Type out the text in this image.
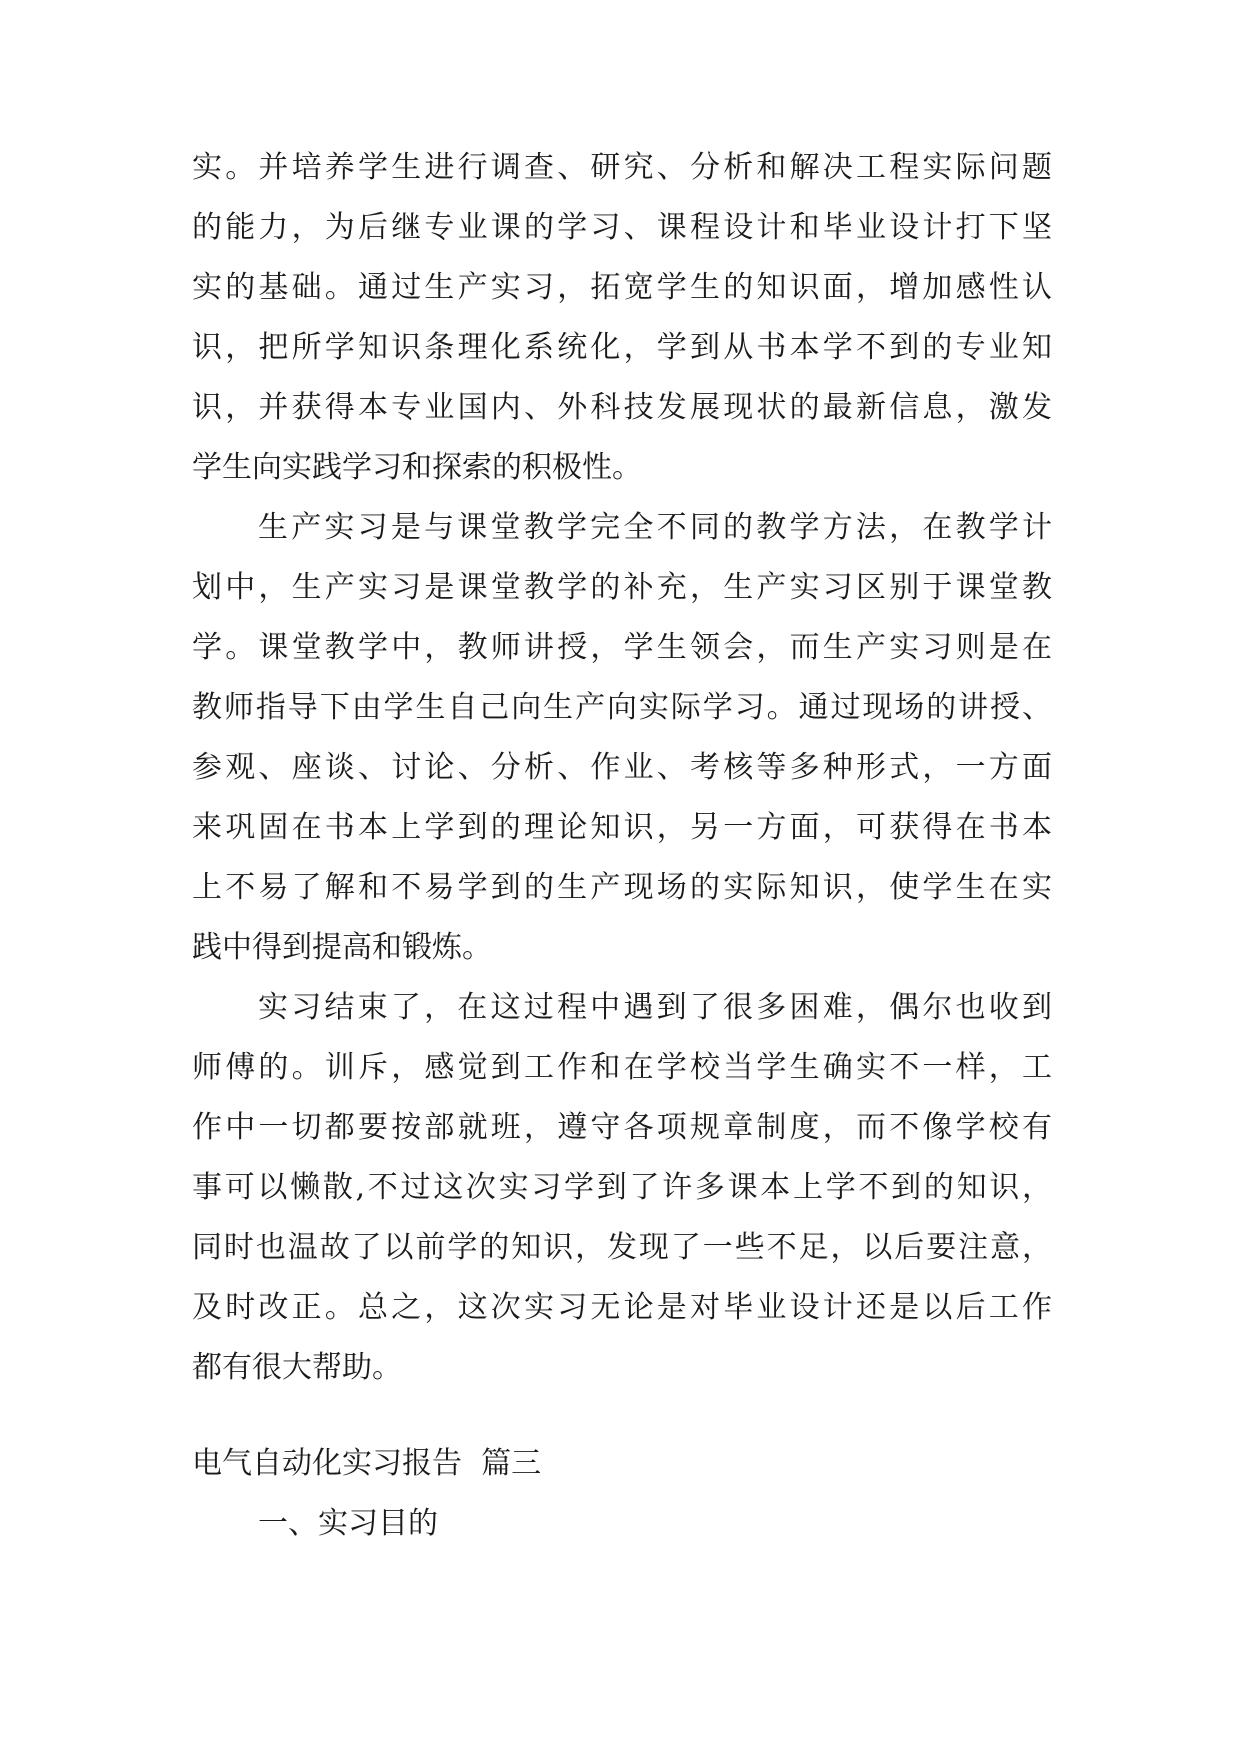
实。并培养学生进行调查、研究、分析和解决工程实际问题
的能力，为后继专业课的学习、课程设计和毕业设计打下坚
实的基础。通过生产实习，拓宽学生的知识面，增加感性认
识，把所学知识条理化系统化，学到从书本学不到的专业知
识，并获得本专业国内、外科技发展现状的最新信息，激发
学生向实践学习和探索的积极性。
生产实习是与课堂教学完全不同的教学方法，在教学计
划中，生产实习是课堂教学的补充，生产实习区别于课堂教
学。课堂教学中，教师讲授，学生领会，而生产实习则是在
教师指导下由学生自己向生产向实际学习。通过现场的讲授、
参观、座谈、讨论、分析、作业、考核等多种形式，一方面
来巩固在书本上学到的理论知识，另一方面，可获得在书本
上不易了解和不易学到的生产现场的实际知识，使学生在实
践中得到提高和锻炼。
实习结束了，在这过程中遇到了很多困难，偶尔也收到
师傅的。训斥，感觉到工作和在学校当学生确实不一样，工
作中一切都要按部就班，遵守各项规章制度，而不像学校有
事可以懒散,不过这次实习学到了许多课本上学不到的知识，
同时也温故了以前学的知识，发现了一些不足，以后要注意，
及时改正。总之，这次实习无论是对毕业设计还是以后工作
都有很大帮助。
电气自动化实习报告  篇三
一、实习目的
